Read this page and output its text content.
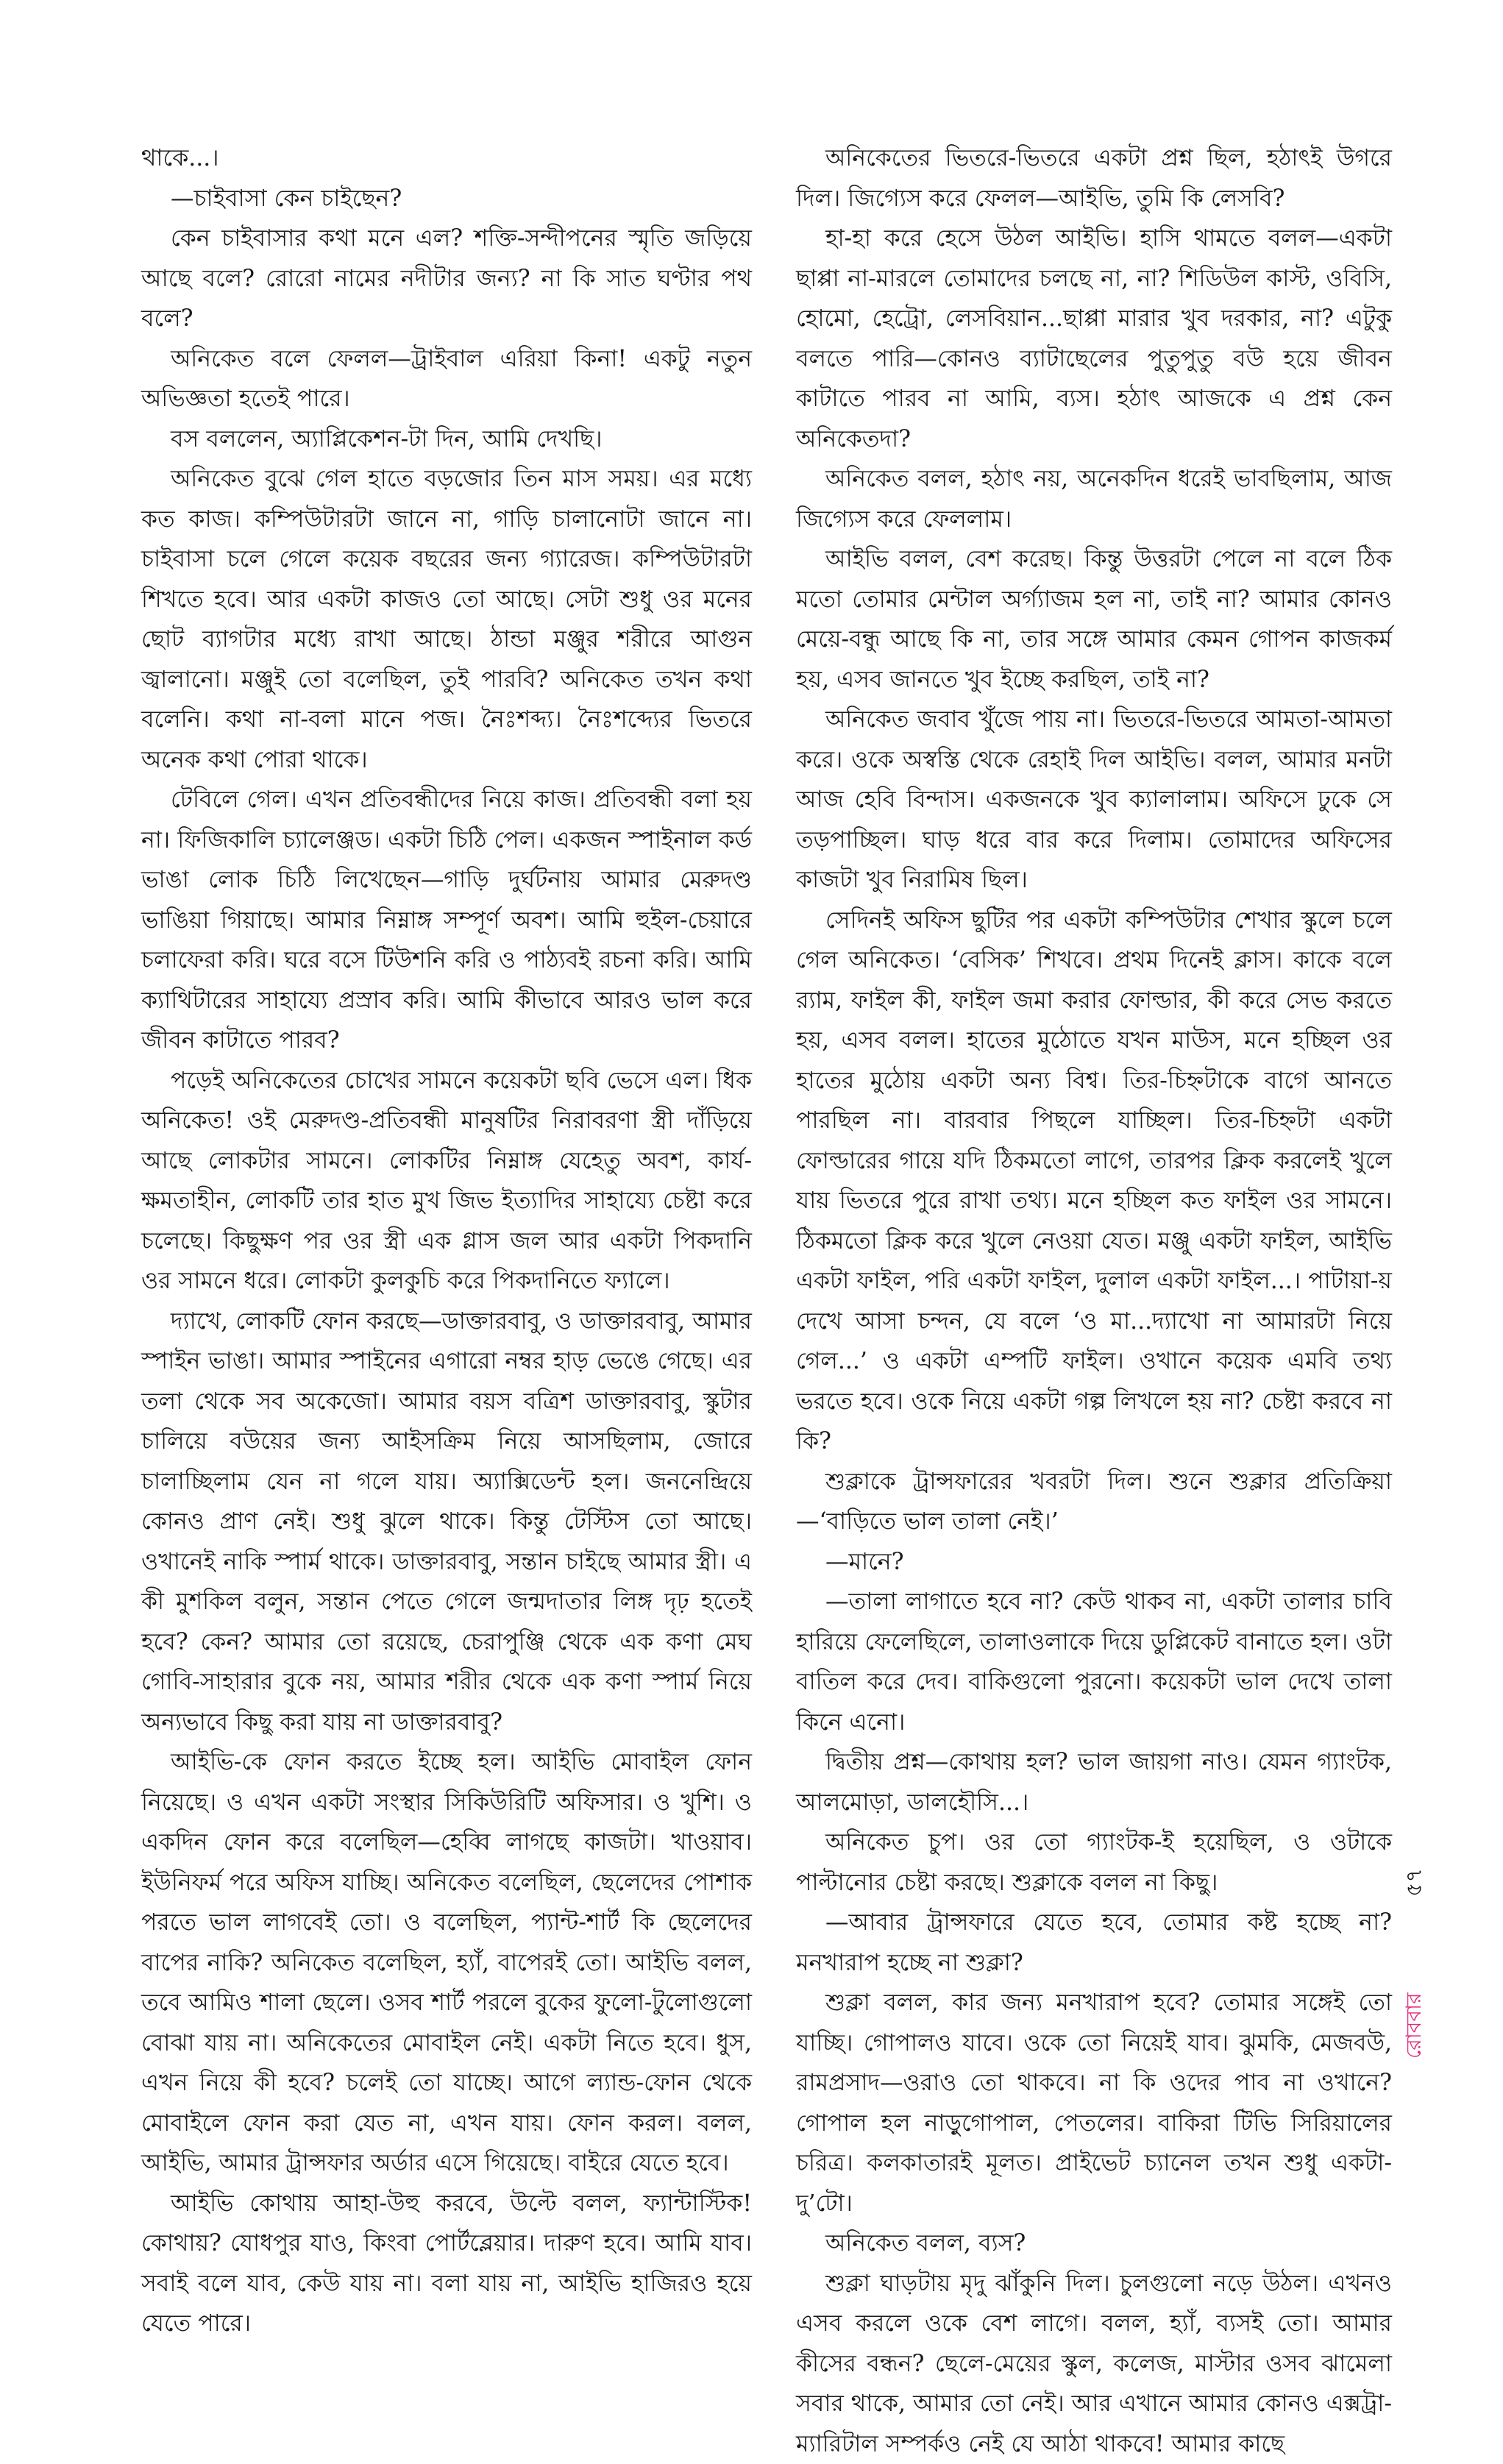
থাকে...।

—চাইবাসা কেন চাইছেন?

কেন চাইবাসার কথা মনে এল? শক্তি-সন্দীপনের স্মৃতি জড়িয়ে আছে বলে? রোরো নামের নদীটার জন্য? না কি সাত ঘণ্টার পথ বলে?

অনিকেত বলে ফেলল—ট্রাইবাল এরিয়া কিনা! একটু নতুন অভিজ্ঞতা হতেই পারে।

বস বললেন, অ্যাপ্লিকেশন-টা দিন, আমি দেখছি।

অনিকেত বুঝে গেল হাতে বড়জোর তিন মাস সময়। এর মধ্যে কত কাজ। কম্পিউটারটা জানে না, গাড়ি চালানোটা জানে না। চাইবাসা চলে গেলে কয়েক বছরের জন্য গ্যারেজ। কম্পিউটারটা শিখতে হবে। আর একটা কাজও তো আছে। সেটা শুধু ওর মনের ছোট ব্যাগটার মধ্যে রাখা আছে। ঠান্ডা মঞ্জুর শরীরে আগুন জ্বালানো। মঞ্জুই তো বলেছিল, তুই পারবি? অনিকেত তখন কথা বলেনি। কথা না-বলা মানে পজ। নৈঃশব্দ্য। নৈঃশব্দ্যের ভিতরে অনেক কথা পোরা থাকে।

টেবিলে গেল। এখন প্রতিবন্ধীদের নিয়ে কাজ। প্রতিবন্ধী বলা হয় না। ফিজিকালি চ্যালেঞ্জড। একটা চিঠি পেল। একজন স্পাইনাল কর্ড ভাঙা লোক চিঠি লিখেছেন—গাড়ি দুর্ঘটনায় আমার মেরুদণ্ড ভাঙিয়া গিয়াছে। আমার নিম্নাঙ্গ সম্পূর্ণ অবশ। আমি হুইল-চেয়ারে চলাফেরা করি। ঘরে বসে টিউশনি করি ও পাঠ্যবই রচনা করি। আমি ক্যাথিটারের সাহায্যে প্রস্রাব করি। আমি কীভাবে আরও ভাল করে জীবন কাটাতে পারব?

পড়েই অনিকেতের চোখের সামনে কয়েকটা ছবি ভেসে এল। ধিক অনিকেত! ওই মেরুদণ্ড-প্রতিবন্ধী মানুষটির নিরাবরণা স্ত্রী দাঁড়িয়ে আছে লোকটার সামনে। লোকটির নিম্নাঙ্গ যেহেতু অবশ, কার্য-ক্ষমতাহীন, লোকটি তার হাত মুখ জিভ ইত্যাদির সাহায্যে চেষ্টা করে চলেছে। কিছুক্ষণ পর ওর স্ত্রী এক গ্লাস জল আর একটা পিকদানি ওর সামনে ধরে। লোকটা কুলকুচি করে পিকদানিতে ফ্যালে।

দ্যাখে, লোকটি ফোন করছে—ডাক্তারবাবু, ও ডাক্তারবাবু, আমার স্পাইন ভাঙা। আমার স্পাইনের এগারো নম্বর হাড় ভেঙে গেছে। এর তলা থেকে সব অকেজো। আমার বয়স বত্রিশ ডাক্তারবাবু, স্কুটার চালিয়ে বউয়ের জন্য আইসক্রিম নিয়ে আসছিলাম, জোরে চালাচ্ছিলাম যেন না গলে যায়। অ্যাক্সিডেন্ট হল। জননেন্দ্রিয়ে কোনও প্রাণ নেই। শুধু ঝুলে থাকে। কিন্তু টেস্টিস তো আছে। ওখানেই নাকি স্পার্ম থাকে। ডাক্তারবাবু, সন্তান চাইছে আমার স্ত্রী। এ কী মুশকিল বলুন, সন্তান পেতে গেলে জন্মদাতার লিঙ্গ দৃঢ় হতেই হবে? কেন? আমার তো রয়েছে, চেরাপুঞ্জি থেকে এক কণা মেঘ গোবি-সাহারার বুকে নয়, আমার শরীর থেকে এক কণা স্পার্ম নিয়ে অন্যভাবে কিছু করা যায় না ডাক্তারবাবু?

আইভি-কে ফোন করতে ইচ্ছে হল। আইভি মোবাইল ফোন নিয়েছে। ও এখন একটা সংস্থার সিকিউরিটি অফিসার। ও খুশি। ও একদিন ফোন করে বলেছিল—হেব্বি লাগছে কাজটা। খাওয়াব। ইউনিফর্ম পরে অফিস যাচ্ছি। অনিকেত বলেছিল, ছেলেদের পোশাক পরতে ভাল লাগবেই তো। ও বলেছিল, প্যান্ট-শার্ট কি ছেলেদের বাপের নাকি? অনিকেত বলেছিল, হ্যাঁ, বাপেরই তো। আইভি বলল, তবে আমিও শালা ছেলে। ওসব শার্ট পরলে বুকের ফুলো-টুলোগুলো বোঝা যায় না। অনিকেতের মোবাইল নেই। একটা নিতে হবে। ধুস, এখন নিয়ে কী হবে? চলেই তো যাচ্ছে। আগে ল্যান্ড-ফোন থেকে মোবাইলে ফোন করা যেত না, এখন যায়। ফোন করল। বলল, আইভি, আমার ট্রান্সফার অর্ডার এসে গিয়েছে। বাইরে যেতে হবে।

আইভি কোথায় আহা-উহু করবে, উল্টে বলল, ফ্যান্টাস্টিক! কোথায়? যোধপুর যাও, কিংবা পোর্টব্লেয়ার। দারুণ হবে। আমি যাব। সবাই বলে যাব, কেউ যায় না। বলা যায় না, আইভি হাজিরও হয়ে যেতে পারে।

অনিকেতের ভিতরে-ভিতরে একটা প্রশ্ন ছিল, হঠাৎই উগরে দিল। জিগ্যেস করে ফেলল—আইভি, তুমি কি লেসবি?

হা-হা করে হেসে উঠল আইভি। হাসি থামতে বলল—একটা ছাপ্পা না-মারলে তোমাদের চলছে না, না? শিডিউল কাস্ট, ওবিসি, হোমো, হেট্রো, লেসবিয়ান...ছাপ্পা মারার খুব দরকার, না? এটুকু বলতে পারি—কোনও ব্যাটাছেলের পুতুপুতু বউ হয়ে জীবন কাটাতে পারব না আমি, ব্যস। হঠাৎ আজকে এ প্রশ্ন কেন অনিকেতদা?

অনিকেত বলল, হঠাৎ নয়, অনেকদিন ধরেই ভাবছিলাম, আজ জিগ্যেস করে ফেললাম।

আইভি বলল, বেশ করেছ। কিন্তু উত্তরটা পেলে না বলে ঠিক মতো তোমার মেন্টাল অর্গ্যাজম হল না, তাই না? আমার কোনও মেয়ে-বন্ধু আছে কি না, তার সঙ্গে আমার কেমন গোপন কাজকর্ম হয়, এসব জানতে খুব ইচ্ছে করছিল, তাই না?

অনিকেত জবাব খুঁজে পায় না। ভিতরে-ভিতরে আমতা-আমতা করে। ওকে অস্বস্তি থেকে রেহাই দিল আইভি। বলল, আমার মনটা আজ হেবি বিন্দাস। একজনকে খুব ক্যালালাম। অফিসে ঢুকে সে তড়পাচ্ছিল। ঘাড় ধরে বার করে দিলাম। তোমাদের অফিসের কাজটা খুব নিরামিষ ছিল।

সেদিনই অফিস ছুটির পর একটা কম্পিউটার শেখার স্কুলে চলে গেল অনিকেত। ‘বেসিক’ শিখবে। প্রথম দিনেই ক্লাস। কাকে বলে র‍্যাম, ফাইল কী, ফাইল জমা করার ফোল্ডার, কী করে সেভ করতে হয়, এসব বলল। হাতের মুঠোতে যখন মাউস, মনে হচ্ছিল ওর হাতের মুঠোয় একটা অন্য বিশ্ব। তির-চিহ্নটাকে বাগে আনতে পারছিল না। বারবার পিছলে যাচ্ছিল। তির-চিহ্নটা একটা ফোল্ডারের গায়ে যদি ঠিকমতো লাগে, তারপর ক্লিক করলেই খুলে যায় ভিতরে পুরে রাখা তথ্য। মনে হচ্ছিল কত ফাইল ওর সামনে। ঠিকমতো ক্লিক করে খুলে নেওয়া যেত। মঞ্জু একটা ফাইল, আইভি একটা ফাইল, পরি একটা ফাইল, দুলাল একটা ফাইল...। পাটায়া-য় দেখে আসা চন্দন, যে বলে ‘ও মা...দ্যাখো না আমারটা নিয়ে গেল...’ ও একটা এম্পটি ফাইল। ওখানে কয়েক এমবি তথ্য ভরতে হবে। ওকে নিয়ে একটা গল্প লিখলে হয় না? চেষ্টা করবে না কি?

শুক্লাকে ট্রান্সফারের খবরটা দিল। শুনে শুক্লার প্রতিক্রিয়া—‘বাড়িতে ভাল তালা নেই।’

—মানে?

—তালা লাগাতে হবে না? কেউ থাকব না, একটা তালার চাবি হারিয়ে ফেলেছিলে, তালাওলাকে দিয়ে ডুপ্লিকেট বানাতে হল। ওটা বাতিল করে দেব। বাকিগুলো পুরনো। কয়েকটা ভাল দেখে তালা কিনে এনো।

দ্বিতীয় প্রশ্ন—কোথায় হল? ভাল জায়গা নাও। যেমন গ্যাংটক, আলমোড়া, ডালহৌসি...।

অনিকেত চুপ। ওর তো গ্যাংটক-ই হয়েছিল, ও ওটাকে পাল্টানোর চেষ্টা করছে। শুক্লাকে বলল না কিছু।

—আবার ট্রান্সফারে যেতে হবে, তোমার কষ্ট হচ্ছে না? মনখারাপ হচ্ছে না শুক্লা?

শুক্লা বলল, কার জন্য মনখারাপ হবে? তোমার সঙ্গেই তো যাচ্ছি। গোপালও যাবে। ওকে তো নিয়েই যাব। ঝুমকি, মেজবউ, রামপ্রসাদ—ওরাও তো থাকবে। না কি ওদের পাব না ওখানে? গোপাল হল নাড়ুগোপাল, পেতলের। বাকিরা টিভি সিরিয়ালের চরিত্র। কলকাতারই মূলত। প্রাইভেট চ্যানেল তখন শুধু একটা-দু’টো।

অনিকেত বলল, ব্যস?

শুক্লা ঘাড়টায় মৃদু ঝাঁকুনি দিল। চুলগুলো নড়ে উঠল। এখনও এসব করলে ওকে বেশ লাগে। বলল, হ্যাঁ, ব্যসই তো। আমার কীসের বন্ধন? ছেলে-মেয়ের স্কুল, কলেজ, মাস্টার ওসব ঝামেলা সবার থাকে, আমার তো নেই। আর এখানে আমার কোনও এক্সট্রা-ম্যারিটাল সম্পর্কও নেই যে আঠা থাকবে! আমার কাছে

৫৭
রোববার
